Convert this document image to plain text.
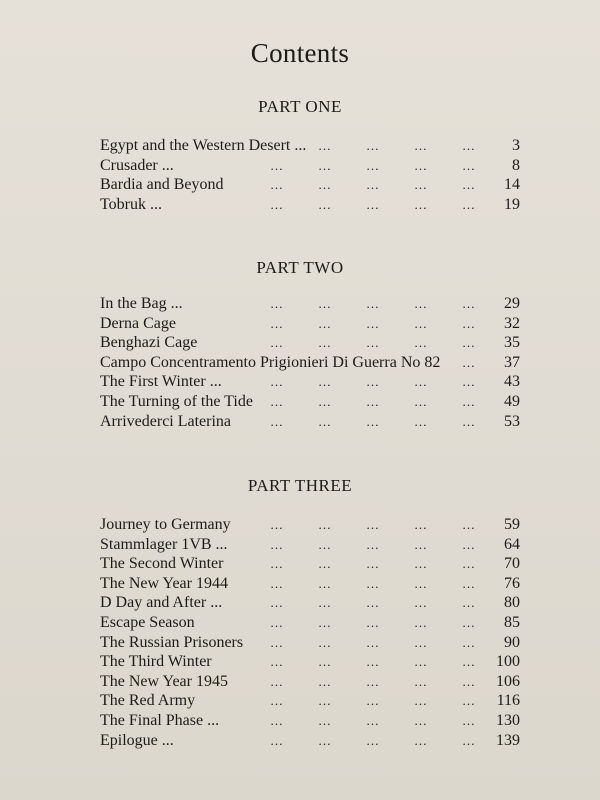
Contents
PART ONE
Egypt and the Western Desert ...	3
…	…	…	…
Crusader ...	8
…	…	…	…	…
Bardia and Beyond	14
…	…	…	…	…
Tobruk ...	19
…	…	…	…	…
PART TWO
In the Bag ...	29
…	…	…	…	…
Derna Cage	32
…	…	…	…	…
Benghazi Cage	35
…	…	…	…	…
Campo Concentramento Prigionieri Di Guerra No 82	37
…
The First Winter ...	43
…	…	…	…	…
The Turning of the Tide	49
…	…	…	…	…
Arrivederci Laterina	53
…	…	…	…	…
PART THREE
Journey to Germany	59
…	…	…	…	…
Stammlager 1VB ...	64
…	…	…	…	…
The Second Winter	70
…	…	…	…	…
The New Year 1944	76
…	…	…	…	…
D Day and After ...	80
…	…	…	…	…
Escape Season	85
…	…	…	…	…
The Russian Prisoners	90
…	…	…	…	…
The Third Winter	100
…	…	…	…	…
The New Year 1945	106
…	…	…	…	…
The Red Army	116
…	…	…	…	…
The Final Phase ...	130
…	…	…	…	…
Epilogue ...	139
…	…	…	…	…
